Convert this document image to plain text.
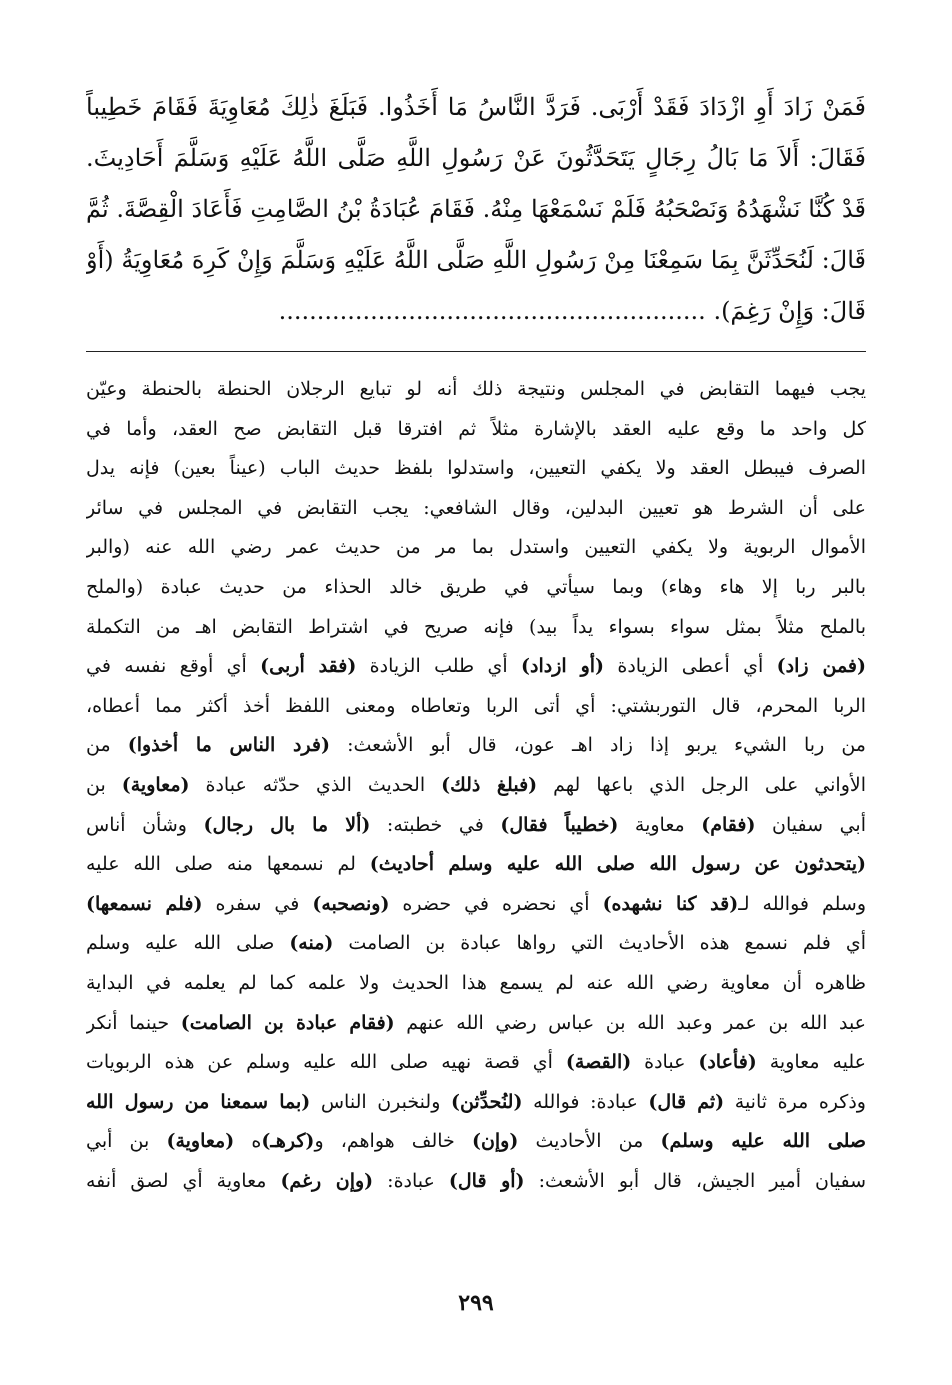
فَمَنْ زَادَ أَوِ ازْدَادَ فَقَدْ أَرْبَى. فَرَدَّ النَّاسُ مَا أَخَذُوا. فَبَلَغَ ذٰلِكَ مُعَاوِيَةَ فَقَامَ خَطِيباً
فَقَالَ: أَلاَ مَا بَالُ رِجَالٍ يَتَحَدَّثُونَ عَنْ رَسُولِ اللَّهِ صَلَّى اللَّهُ عَلَيْهِ وَسَلَّمَ أَحَادِيثَ.
قَدْ كُنَّا نَشْهَدُهُ وَنَصْحَبُهُ فَلَمْ نَسْمَعْهَا مِنْهُ. فَقَامَ عُبَادَةُ بْنُ الصَّامِتِ فَأَعَادَ الْقِصَّةَ. ثُمَّ
قَالَ: لَنُحَدِّثَنَّ بِمَا سَمِعْنَا مِنْ رَسُولِ اللَّهِ صَلَّى اللَّهُ عَلَيْهِ وَسَلَّمَ وَإِنْ كَرِهَ مُعَاوِيَةُ (أَوْ
قَالَ: وَإِنْ رَغِمَ). ........................................................
يجب فيهما التقابض في المجلس ونتيجة ذلك أنه لو تبايع الرجلان الحنطة بالحنطة وعيّن
كل واحد ما وقع عليه العقد بالإشارة مثلاً ثم افترقا قبل التقابض صح العقد، وأما في
الصرف فيبطل العقد ولا يكفي التعيين، واستدلوا بلفظ حديث الباب (عيناً بعين) فإنه يدل
على أن الشرط هو تعيين البدلين، وقال الشافعي: يجب التقابض في المجلس في سائر
الأموال الربوية ولا يكفي التعيين واستدل بما مر من حديث عمر رضي الله عنه (والبر
بالبر ربا إلا هاء وهاء) وبما سيأتي في طريق خالد الحذاء من حديث عبادة (والملح
بالملح مثلاً بمثل سواء بسواء يداً بيد) فإنه صريح في اشتراط التقابض اهـ من التكملة
(فمن زاد) أي أعطى الزيادة (أو ازداد) أي طلب الزيادة (فقد أربى) أي أوقع نفسه في
الربا المحرم، قال التوربشتي: أي أتى الربا وتعاطاه ومعنى اللفظ أخذ أكثر مما أعطاه،
من ربا الشيء يربو إذا زاد اهـ عون، قال أبو الأشعث: (فرد الناس ما أخذوا) من
الأواني على الرجل الذي باعها لهم (فبلغ ذلك) الحديث الذي حدّثه عبادة (معاوية) بن
أبي سفيان (فقام) معاوية (خطيباً فقال) في خطبته: (ألا ما بال رجال) وشأن أناس
(يتحدثون عن رسول الله صلى الله عليه وسلم أحاديث) لم نسمعها منه صلى الله عليه
وسلم فوالله لـ(قد كنا نشهده) أي نحضره في حضره (ونصحبه) في سفره (فلم نسمعها)
أي فلم نسمع هذه الأحاديث التي رواها عبادة بن الصامت (منه) صلى الله عليه وسلم
ظاهره أن معاوية رضي الله عنه لم يسمع هذا الحديث ولا علمه كما لم يعلمه في البداية
عبد الله بن عمر وعبد الله بن عباس رضي الله عنهم (فقام عبادة بن الصامت) حينما أنكر
عليه معاوية (فأعاد) عبادة (القصة) أي قصة نهيه صلى الله عليه وسلم عن هذه الربويات
وذكره مرة ثانية (ثم قال) عبادة: فوالله (لنُحدِّثن) ولنخبرن الناس (بما سمعنا من رسول الله
صلى الله عليه وسلم) من الأحاديث (وإن) خالف هواهم، و(كرهـ)ه (معاوية) بن أبي
سفيان أمير الجيش، قال أبو الأشعث: (أو قال) عبادة: (وإن رغم) معاوية أي لصق أنفه
٢٩٩
